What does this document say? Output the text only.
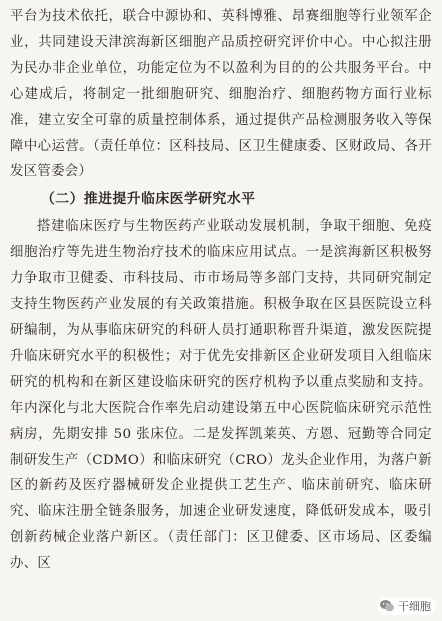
平台为技术依托，联合中源协和、英科博雅、昂赛细胞等行业领军企业，共同建设天津滨海新区细胞产品质控研究评价中心。中心拟注册为民办非企业单位，功能定位为不以盈利为目的的公共服务平台。中心建成后，将制定一批细胞研究、细胞治疗、细胞药物方面行业标准，建立安全可靠的质量控制体系，通过提供产品检测服务收入等保障中心运营。（责任单位：区科技局、区卫生健康委、区财政局、各开发区管委会）

（二）推进提升临床医学研究水平

搭建临床医疗与生物医药产业联动发展机制，争取干细胞、免疫细胞治疗等先进生物治疗技术的临床应用试点。一是滨海新区积极努力争取市卫健委、市科技局、市市场局等多部门支持，共同研究制定支持生物医药产业发展的有关政策措施。积极争取在区县医院设立科研编制，为从事临床研究的科研人员打通职称晋升渠道，激发医院提升临床研究水平的积极性；对于优先安排新区企业研发项目入组临床研究的机构和在新区建设临床研究的医疗机构予以重点奖励和支持。年内深化与北大医院合作率先启动建设第五中心医院临床研究示范性病房，先期安排 50 张床位。二是发挥凯莱英、方恩、冠勤等合同定制研发生产（CDMO）和临床研究（CRO）龙头企业作用，为落户新区的新药及医疗器械研发企业提供工艺生产、临床前研究、临床研究、临床注册全链条服务，加速企业研发速度，降低研发成本，吸引创新药械企业落户新区。（责任部门：区卫健委、区市场局、区委编办、区

干细胞
